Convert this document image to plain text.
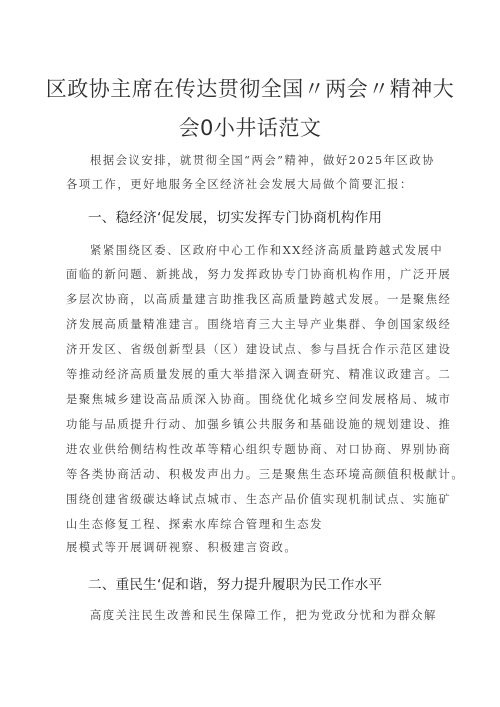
区政协主席在传达贯彻全国〃两会〃精神大
会0小井话范文
根据会议安排，就贯彻全国“两会”精神，做好2025年区政协
各项工作，更好地服务全区经济社会发展大局做个简要汇报：
一、稳经济‘促发展，切实发挥专门协商机构作用
紧紧围绕区委、区政府中心工作和XX经济高质量跨越式发展中
面临的新问题、新挑战，努力发挥政协专门协商机构作用，广泛开展
多层次协商，以高质量建言助推我区高质量跨越式发展。一是聚焦经
济发展高质量精准建言。围绕培育三大主导产业集群、争创国家级经
济开发区、省级创新型县（区）建设试点、参与昌抚合作示范区建设
等推动经济高质量发展的重大举措深入调查研究、精准议政建言。二
是聚焦城乡建设高品质深入协商。围绕优化城乡空间发展格局、城市
功能与品质提升行动、加强乡镇公共服务和基础设施的规划建设、推
进农业供给侧结构性改革等精心组织专题协商、对口协商、界别协商
等各类协商活动、积极发声出力。三是聚焦生态环境高颜值积极献计。
围绕创建省级碳达峰试点城市、生态产品价值实现机制试点、实施矿
山生态修复工程、探索水库综合管理和生态发
展模式等开展调研视察、积极建言资政。
二、重民生‘促和谐，努力提升履职为民工作水平
高度关注民生改善和民生保障工作，把为党政分忧和为群众解
